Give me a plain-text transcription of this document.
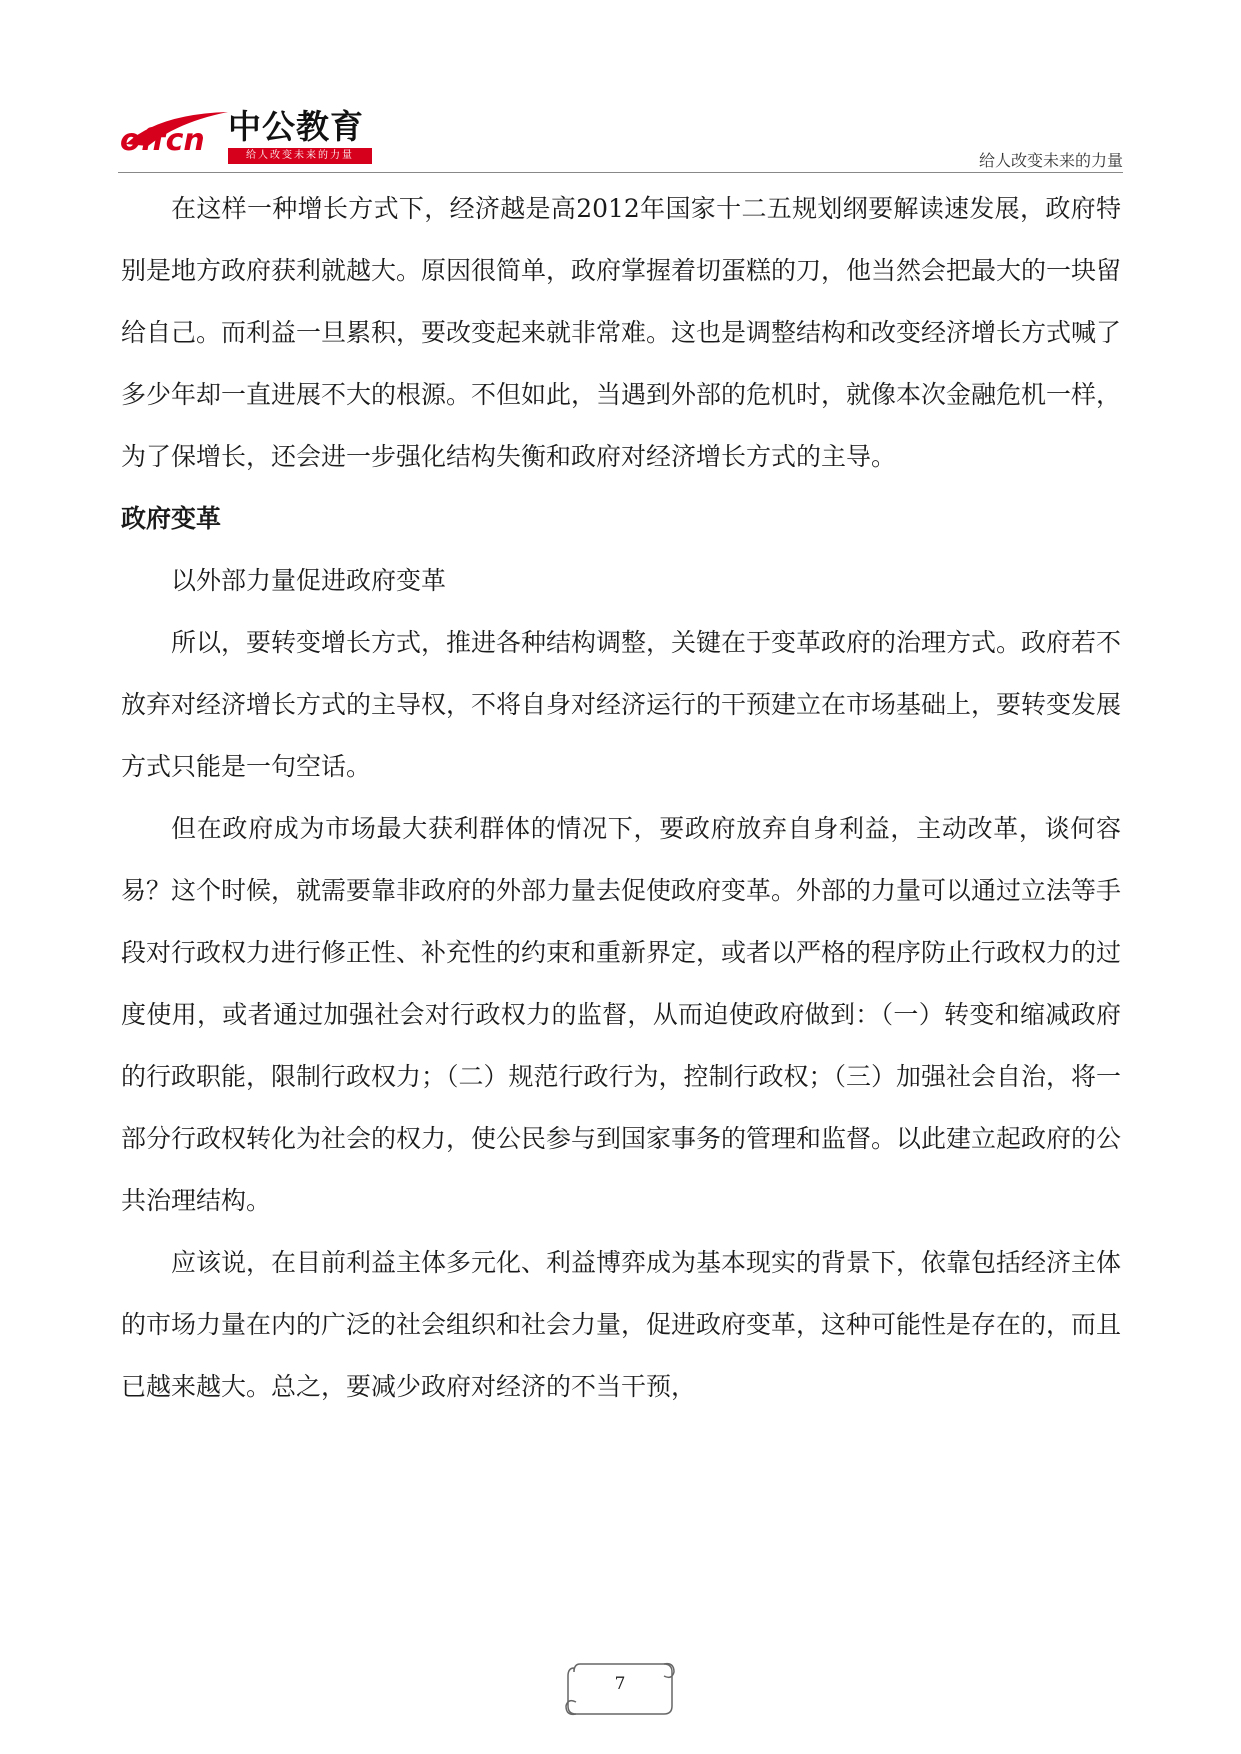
offcn 中公教育
给人改变未来的力量	给人改变未来的力量

在这样一种增长方式下，经济越是高2012年国家十二五规划纲要解读速发展，政府特别是地方政府获利就越大。原因很简单，政府掌握着切蛋糕的刀，他当然会把最大的一块留给自己。而利益一旦累积，要改变起来就非常难。这也是调整结构和改变经济增长方式喊了多少年却一直进展不大的根源。不但如此，当遇到外部的危机时，就像本次金融危机一样，为了保增长，还会进一步强化结构失衡和政府对经济增长方式的主导。

政府变革

以外部力量促进政府变革

所以，要转变增长方式，推进各种结构调整，关键在于变革政府的治理方式。政府若不放弃对经济增长方式的主导权，不将自身对经济运行的干预建立在市场基础上，要转变发展方式只能是一句空话。

但在政府成为市场最大获利群体的情况下，要政府放弃自身利益，主动改革，谈何容易？这个时候，就需要靠非政府的外部力量去促使政府变革。外部的力量可以通过立法等手段对行政权力进行修正性、补充性的约束和重新界定，或者以严格的程序防止行政权力的过度使用，或者通过加强社会对行政权力的监督，从而迫使政府做到：（一）转变和缩减政府的行政职能，限制行政权力；（二）规范行政行为，控制行政权；（三）加强社会自治，将一部分行政权转化为社会的权力，使公民参与到国家事务的管理和监督。以此建立起政府的公共治理结构。

应该说，在目前利益主体多元化、利益博弈成为基本现实的背景下，依靠包括经济主体的市场力量在内的广泛的社会组织和社会力量，促进政府变革，这种可能性是存在的，而且已越来越大。总之，要减少政府对经济的不当干预，

7
